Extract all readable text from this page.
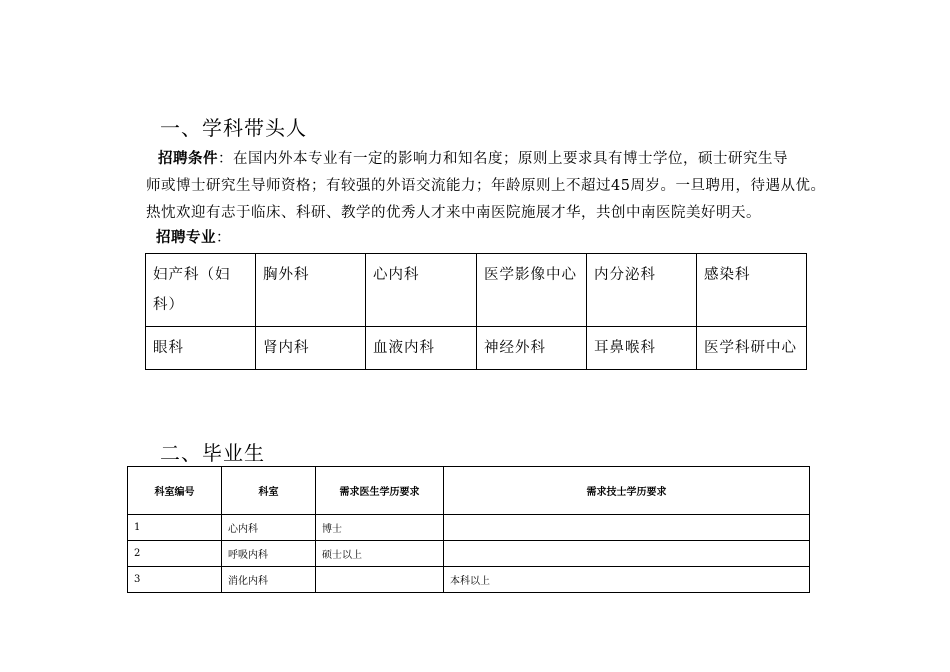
一、学科带头人
招聘条件：在国内外本专业有一定的影响力和知名度；原则上要求具有博士学位，硕士研究生导
师或博士研究生导师资格；有较强的外语交流能力；年龄原则上不超过45周岁。一旦聘用，待遇从优。
热忱欢迎有志于临床、科研、教学的优秀人才来中南医院施展才华，共创中南医院美好明天。
招聘专业：
妇产科（妇科）	胸外科	心内科	医学影像中心	内分泌科	感染科
眼科	肾内科	血液内科	神经外科	耳鼻喉科	医学科研中心
二、毕业生
科室编号	科室	需求医生学历要求	需求技士学历要求
1	心内科	博士	
2	呼吸内科	硕士以上	
3	消化内科		本科以上
